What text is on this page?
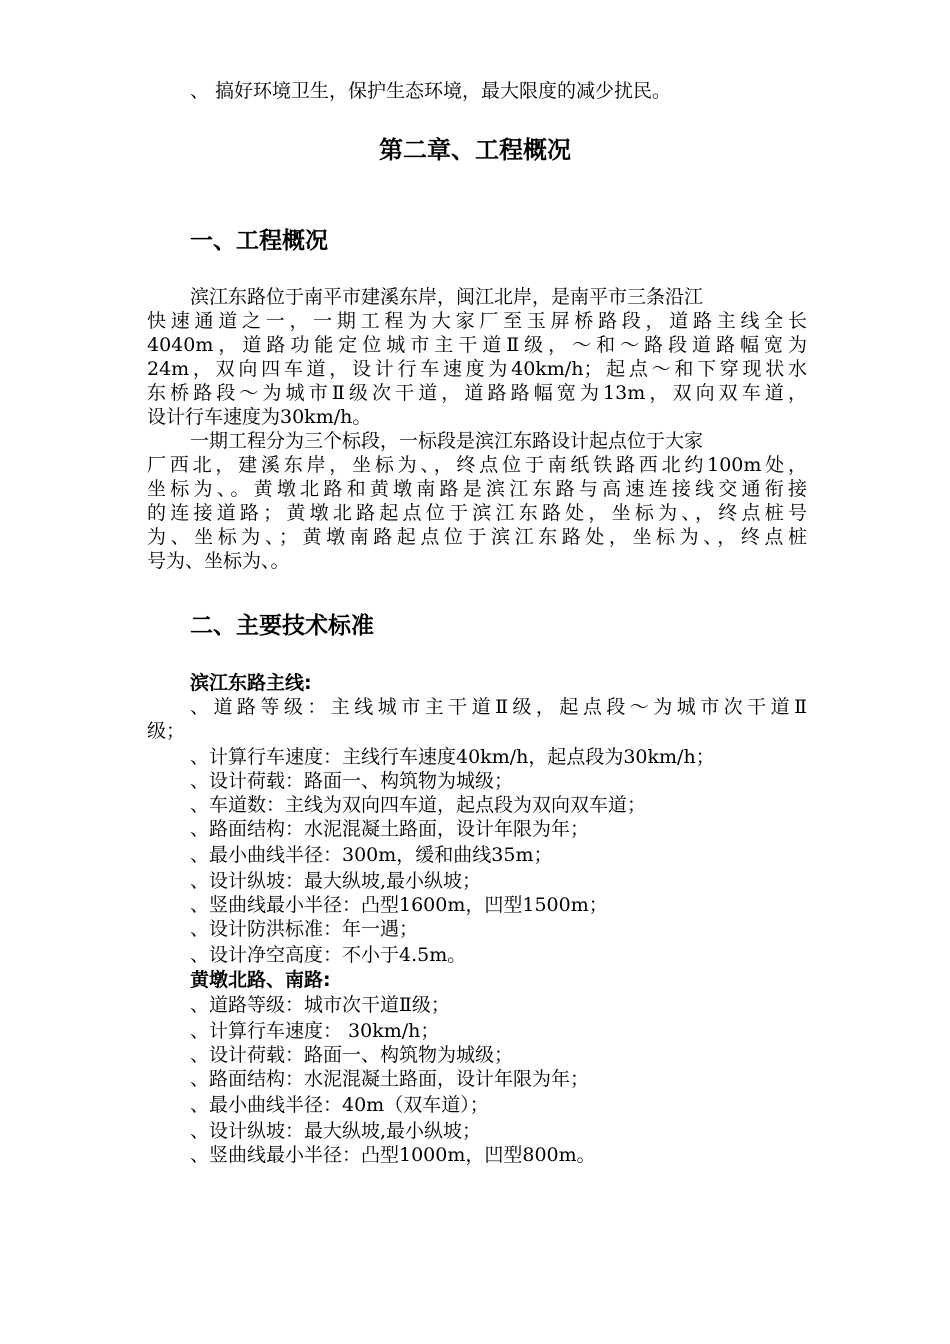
、 搞好环境卫生，保护生态环境，最大限度的减少扰民。
第二章、工程概况
一、工程概况
滨江东路位于南平市建溪东岸，闽江北岸，是南平市三条沿江
快速通道之一，一期工程为大家厂至玉屏桥路段，道路主线全长
4040m，道路功能定位城市主干道Ⅱ级，～和～路段道路幅宽为
24m，双向四车道，设计行车速度为40km/h；起点～和下穿现状水
东桥路段～为城市Ⅱ级次干道，道路路幅宽为13m，双向双车道，
设计行车速度为30km/h。
一期工程分为三个标段，一标段是滨江东路设计起点位于大家
厂西北，建溪东岸，坐标为、，终点位于南纸铁路西北约100m处，
坐标为、。黄墩北路和黄墩南路是滨江东路与高速连接线交通衔接
的连接道路；黄墩北路起点位于滨江东路处，坐标为、，终点桩号
为、坐标为、；黄墩南路起点位于滨江东路处，坐标为、，终点桩
号为、坐标为、。
二、主要技术标准
滨江东路主线:
、道路等级：主线城市主干道Ⅱ级，起点段～为城市次干道Ⅱ
级；
、计算行车速度：主线行车速度40km/h，起点段为30km/h；
、设计荷载：路面一、构筑物为城级；
、车道数：主线为双向四车道，起点段为双向双车道；
、路面结构：水泥混凝土路面，设计年限为年；
、最小曲线半径：300m，缓和曲线35m；
、设计纵坡：最大纵坡,最小纵坡；
、竖曲线最小半径：凸型1600m，凹型1500m；
、设计防洪标准：年一遇；
、设计净空高度：不小于4.5m。
黄墩北路、南路:
、道路等级：城市次干道Ⅱ级；
、计算行车速度： 30km/h；
、设计荷载：路面一、构筑物为城级；
、路面结构：水泥混凝土路面，设计年限为年；
、最小曲线半径：40m（双车道）；
、设计纵坡：最大纵坡,最小纵坡；
、竖曲线最小半径：凸型1000m，凹型800m。
